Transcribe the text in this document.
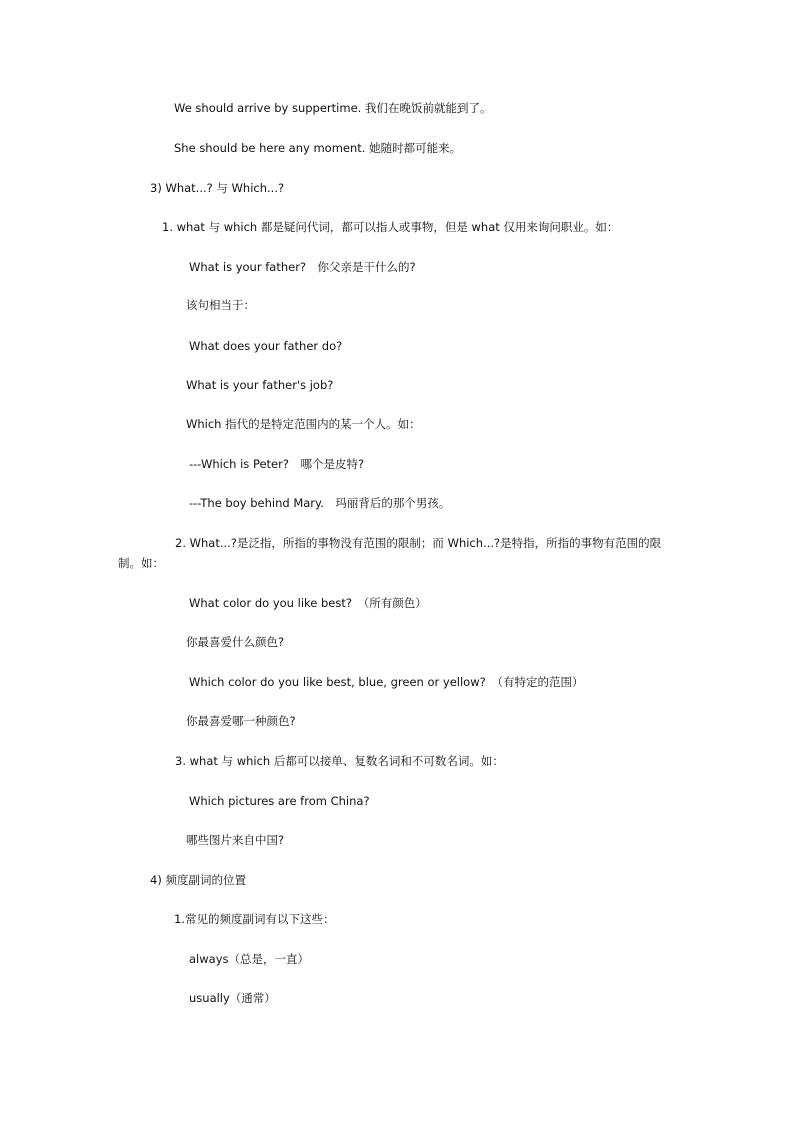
We should arrive by suppertime. 我们在晚饭前就能到了。
She should be here any moment. 她随时都可能来。
3) What...? 与 Which...?
1. what 与 which 都是疑问代词，都可以指人或事物，但是 what 仅用来询问职业。如：
What is your father?　你父亲是干什么的?
该句相当于：
What does your father do?
What is your father's job?
Which 指代的是特定范围内的某一个人。如：
---Which is Peter?　哪个是皮特?
---The boy behind Mary.　玛丽背后的那个男孩。
2. What...?是泛指，所指的事物没有范围的限制；而 Which...?是特指，所指的事物有范围的限
制。如：
What color do you like best?　（所有颜色）
你最喜爱什么颜色?
Which color do you like best, blue, green or yellow?　（有特定的范围）
你最喜爱哪一种颜色?
3. what 与 which 后都可以接单、复数名词和不可数名词。如：
Which pictures are from China?
哪些图片来自中国?
4) 频度副词的位置
1.常见的频度副词有以下这些：
always（总是，一直）
usually（通常）
